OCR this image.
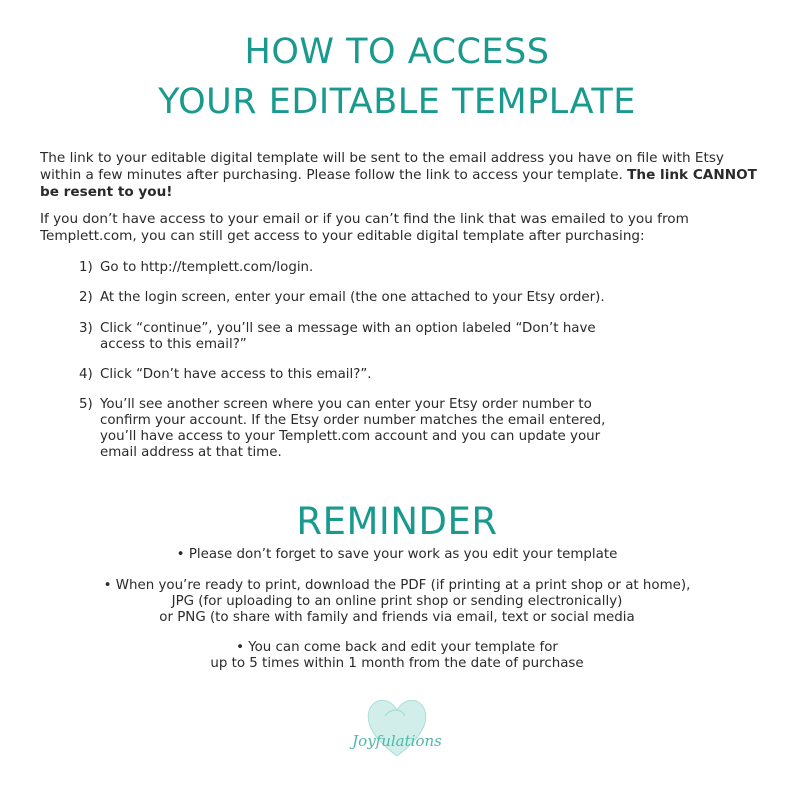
HOW TO ACCESS
YOUR EDITABLE TEMPLATE

The link to your editable digital template will be sent to the email address you have on file with Etsy within a few minutes after purchasing. Please follow the link to access your template. The link CANNOT be resent to you!

If you don’t have access to your email or if you can’t find the link that was emailed to you from Templett.com, you can still get access to your editable digital template after purchasing:

1) Go to http://templett.com/login.
2) At the login screen, enter your email (the one attached to your Etsy order).
3) Click “continue”, you’ll see a message with an option labeled “Don’t have access to this email?”
4) Click “Don’t have access to this email?”.
5) You’ll see another screen where you can enter your Etsy order number to confirm your account. If the Etsy order number matches the email entered, you’ll have access to your Templett.com account and you can update your email address at that time.
REMINDER
• Please don’t forget to save your work as you edit your template
• When you’re ready to print, download the PDF (if printing at a print shop or at home),
JPG (for uploading to an online print shop or sending electronically)
or PNG (to share with family and friends via email, text or social media
• You can come back and edit your template for
up to 5 times within 1 month from the date of purchase
Joyfulations
